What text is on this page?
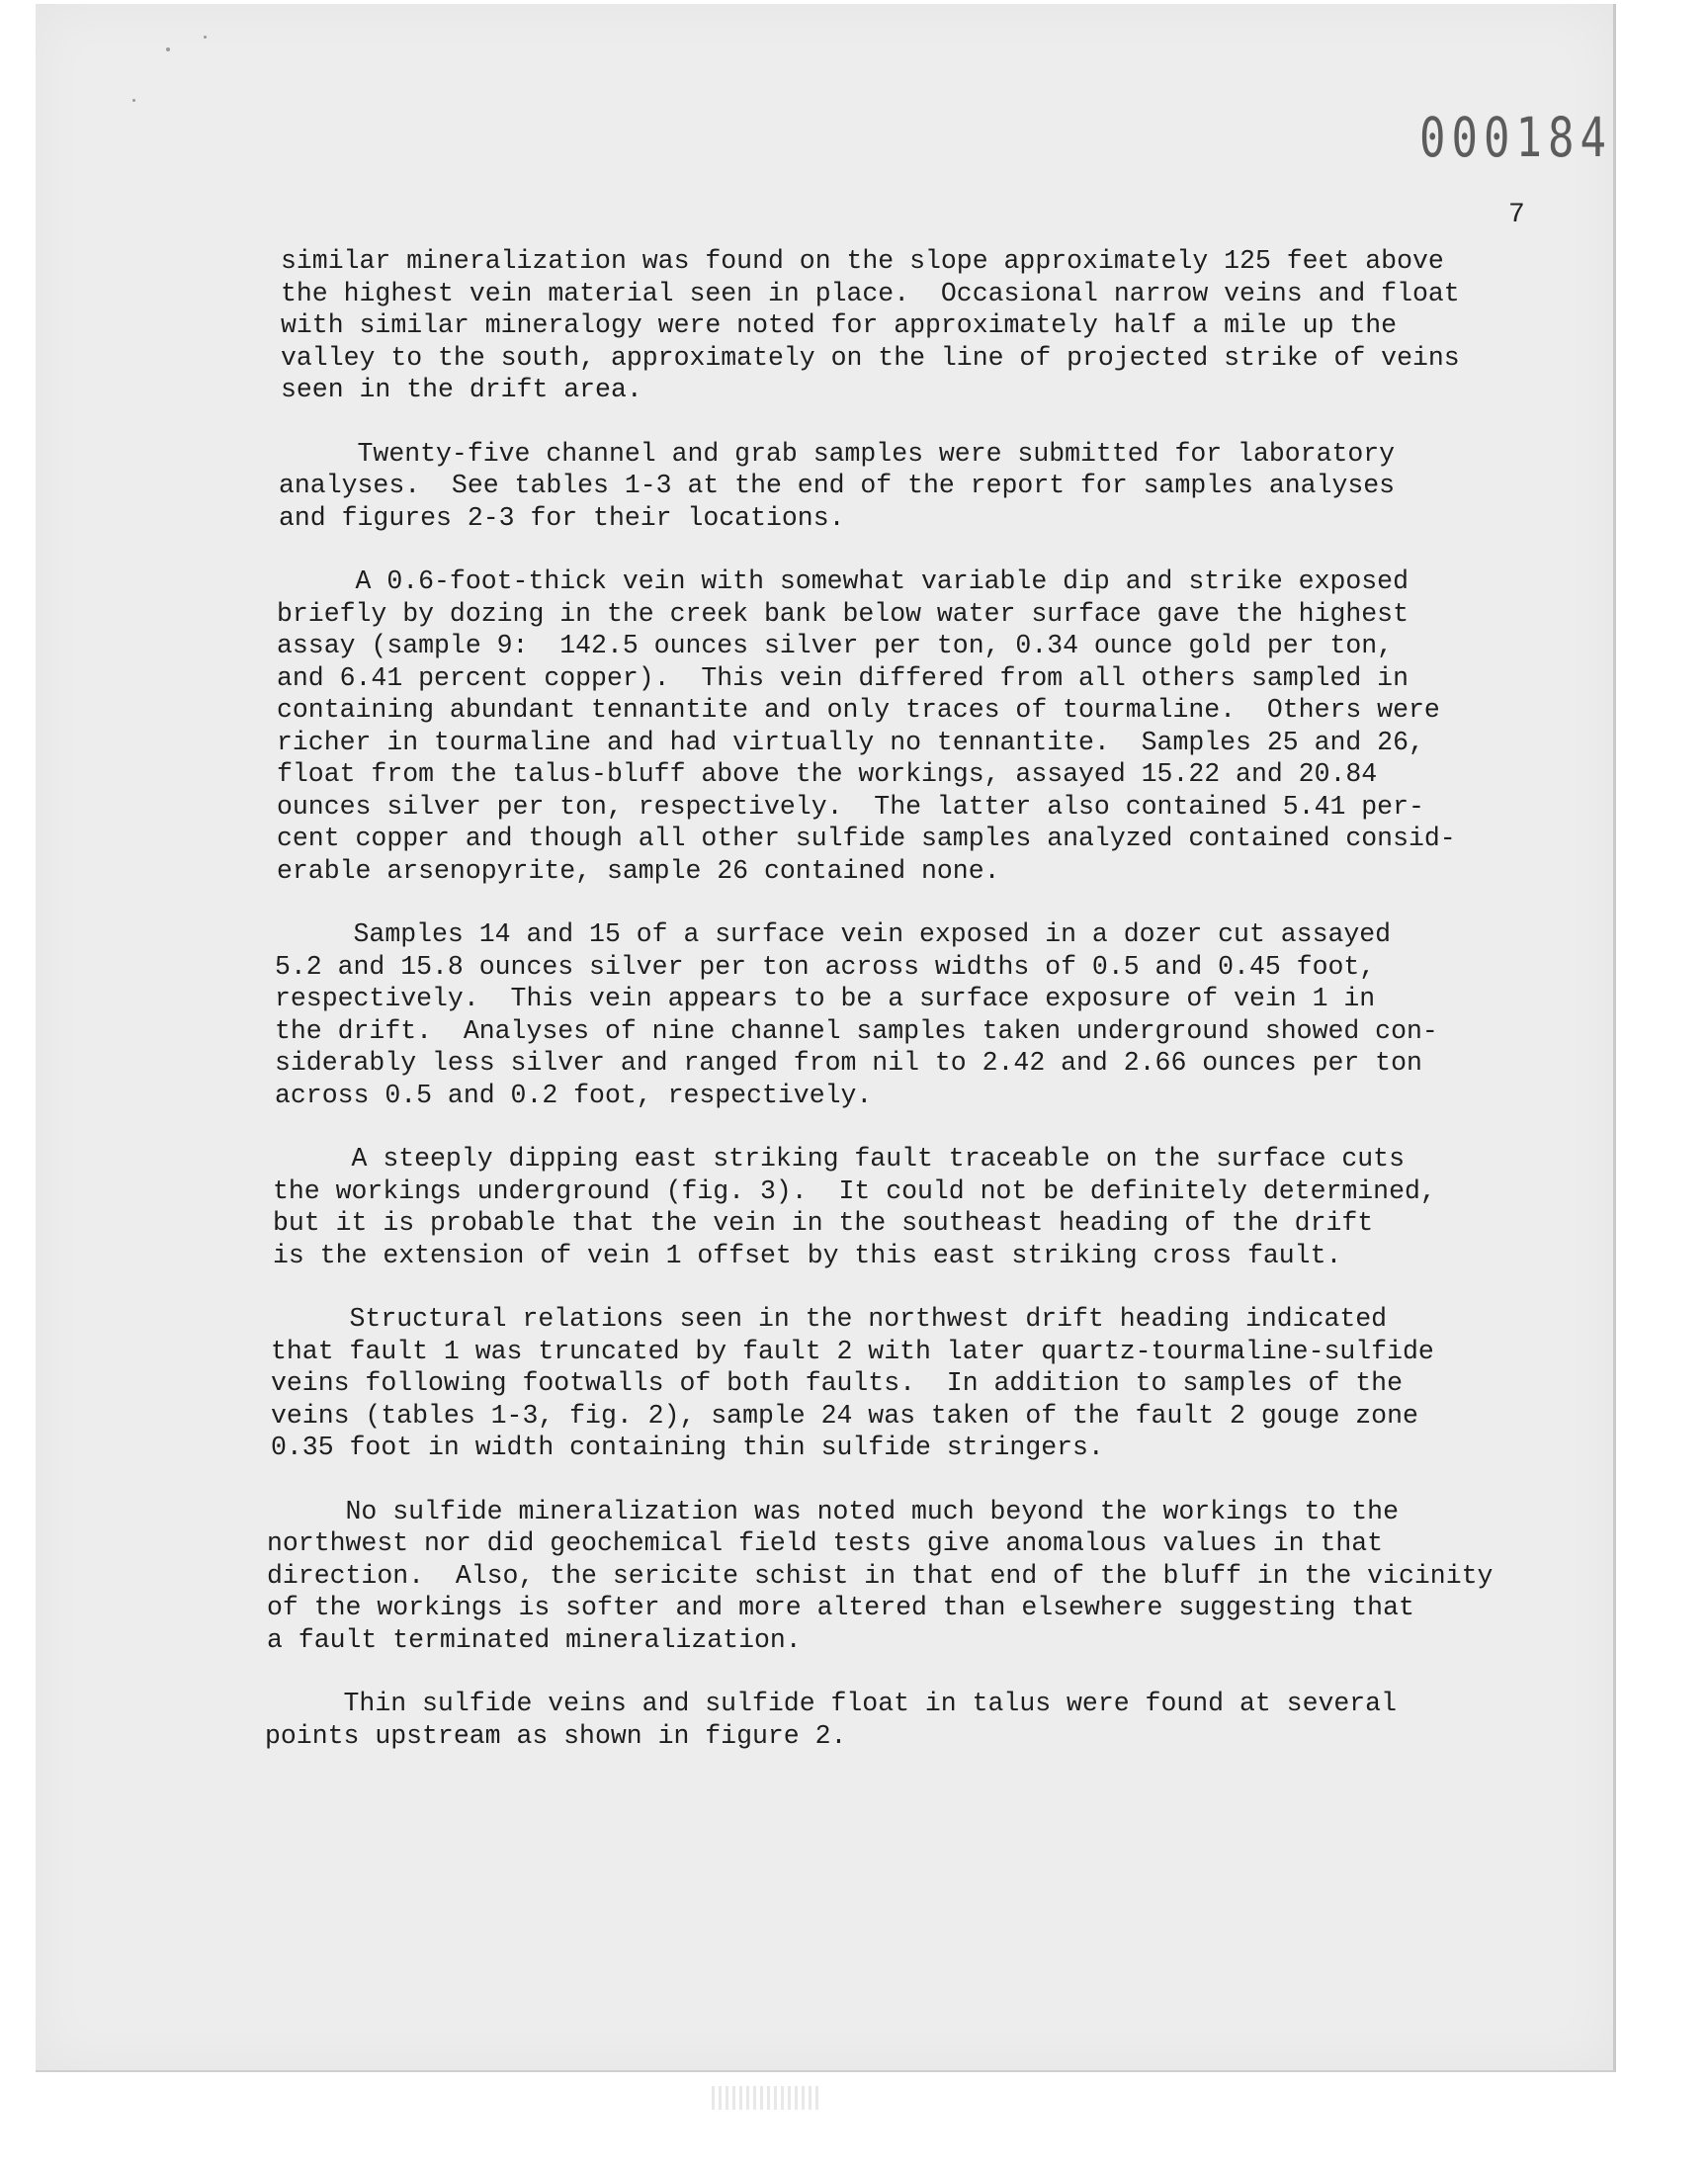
000184
7

similar mineralization was found on the slope approximately 125 feet above
the highest vein material seen in place.  Occasional narrow veins and float
with similar mineralogy were noted for approximately half a mile up the
valley to the south, approximately on the line of projected strike of veins
seen in the drift area.

Twenty-five channel and grab samples were submitted for laboratory
analyses.  See tables 1-3 at the end of the report for samples analyses
and figures 2-3 for their locations.

A 0.6-foot-thick vein with somewhat variable dip and strike exposed
briefly by dozing in the creek bank below water surface gave the highest
assay (sample 9:  142.5 ounces silver per ton, 0.34 ounce gold per ton,
and 6.41 percent copper).  This vein differed from all others sampled in
containing abundant tennantite and only traces of tourmaline.  Others were
richer in tourmaline and had virtually no tennantite.  Samples 25 and 26,
float from the talus-bluff above the workings, assayed 15.22 and 20.84
ounces silver per ton, respectively.  The latter also contained 5.41 per-
cent copper and though all other sulfide samples analyzed contained consid-
erable arsenopyrite, sample 26 contained none.

Samples 14 and 15 of a surface vein exposed in a dozer cut assayed
5.2 and 15.8 ounces silver per ton across widths of 0.5 and 0.45 foot,
respectively.  This vein appears to be a surface exposure of vein 1 in
the drift.  Analyses of nine channel samples taken underground showed con-
siderably less silver and ranged from nil to 2.42 and 2.66 ounces per ton
across 0.5 and 0.2 foot, respectively.

A steeply dipping east striking fault traceable on the surface cuts
the workings underground (fig. 3).  It could not be definitely determined,
but it is probable that the vein in the southeast heading of the drift
is the extension of vein 1 offset by this east striking cross fault.

Structural relations seen in the northwest drift heading indicated
that fault 1 was truncated by fault 2 with later quartz-tourmaline-sulfide
veins following footwalls of both faults.  In addition to samples of the
veins (tables 1-3, fig. 2), sample 24 was taken of the fault 2 gouge zone
0.35 foot in width containing thin sulfide stringers.

No sulfide mineralization was noted much beyond the workings to the
northwest nor did geochemical field tests give anomalous values in that
direction.  Also, the sericite schist in that end of the bluff in the vicinity
of the workings is softer and more altered than elsewhere suggesting that
a fault terminated mineralization.

Thin sulfide veins and sulfide float in talus were found at several
points upstream as shown in figure 2.
